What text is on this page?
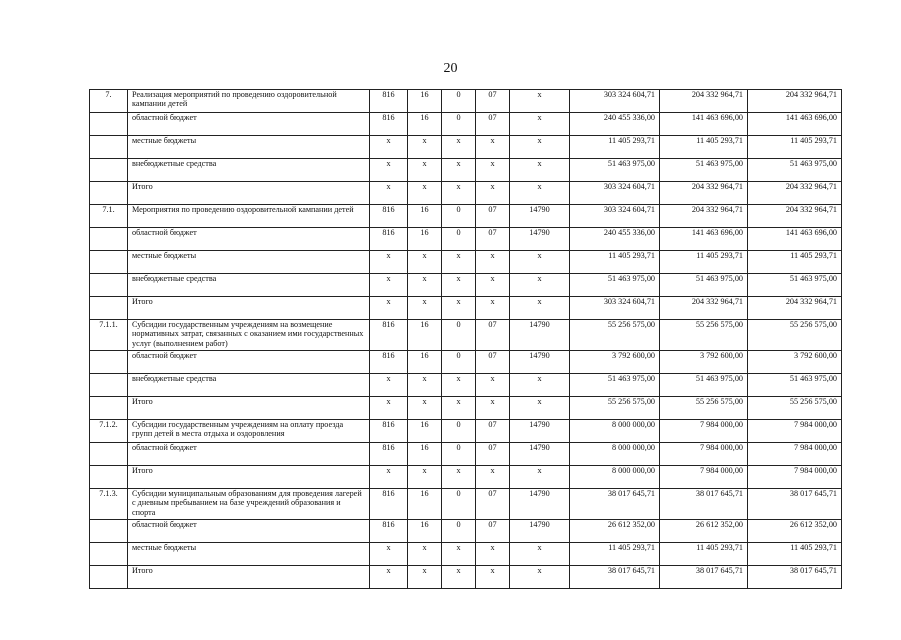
20
7.	Реализация мероприятий по проведению оздоровительной кампании детей	816	16	0	07	х	303 324 604,71	204 332 964,71	204 332 964,71
	областной бюджет	816	16	0	07	х	240 455 336,00	141 463 696,00	141 463 696,00
	местные бюджеты	х	х	х	х	х	11 405 293,71	11 405 293,71	11 405 293,71
	внебюджетные средства	х	х	х	х	х	51 463 975,00	51 463 975,00	51 463 975,00
	Итого	х	х	х	х	х	303 324 604,71	204 332 964,71	204 332 964,71
7.1.	Мероприятия по проведению оздоровительной кампании детей	816	16	0	07	14790	303 324 604,71	204 332 964,71	204 332 964,71
	областной бюджет	816	16	0	07	14790	240 455 336,00	141 463 696,00	141 463 696,00
	местные бюджеты	х	х	х	х	х	11 405 293,71	11 405 293,71	11 405 293,71
	внебюджетные средства	х	х	х	х	х	51 463 975,00	51 463 975,00	51 463 975,00
	Итого	х	х	х	х	х	303 324 604,71	204 332 964,71	204 332 964,71
7.1.1.	Субсидии государственным учреждениям на возмещение нормативных затрат, связанных с оказанием ими государственных услуг (выполнением работ)	816	16	0	07	14790	55 256 575,00	55 256 575,00	55 256 575,00
	областной бюджет	816	16	0	07	14790	3 792 600,00	3 792 600,00	3 792 600,00
	внебюджетные средства	х	х	х	х	х	51 463 975,00	51 463 975,00	51 463 975,00
	Итого	х	х	х	х	х	55 256 575,00	55 256 575,00	55 256 575,00
7.1.2.	Субсидии государственным учреждениям на оплату проезда групп детей в места отдыха и оздоровления	816	16	0	07	14790	8 000 000,00	7 984 000,00	7 984 000,00
	областной бюджет	816	16	0	07	14790	8 000 000,00	7 984 000,00	7 984 000,00
	Итого	х	х	х	х	х	8 000 000,00	7 984 000,00	7 984 000,00
7.1.3.	Субсидии муниципальным образованиям для проведения лагерей с дневным пребыванием на базе учреждений образования и спорта	816	16	0	07	14790	38 017 645,71	38 017 645,71	38 017 645,71
	областной бюджет	816	16	0	07	14790	26 612 352,00	26 612 352,00	26 612 352,00
	местные бюджеты	х	х	х	х	х	11 405 293,71	11 405 293,71	11 405 293,71
	Итого	х	х	х	х	х	38 017 645,71	38 017 645,71	38 017 645,71
